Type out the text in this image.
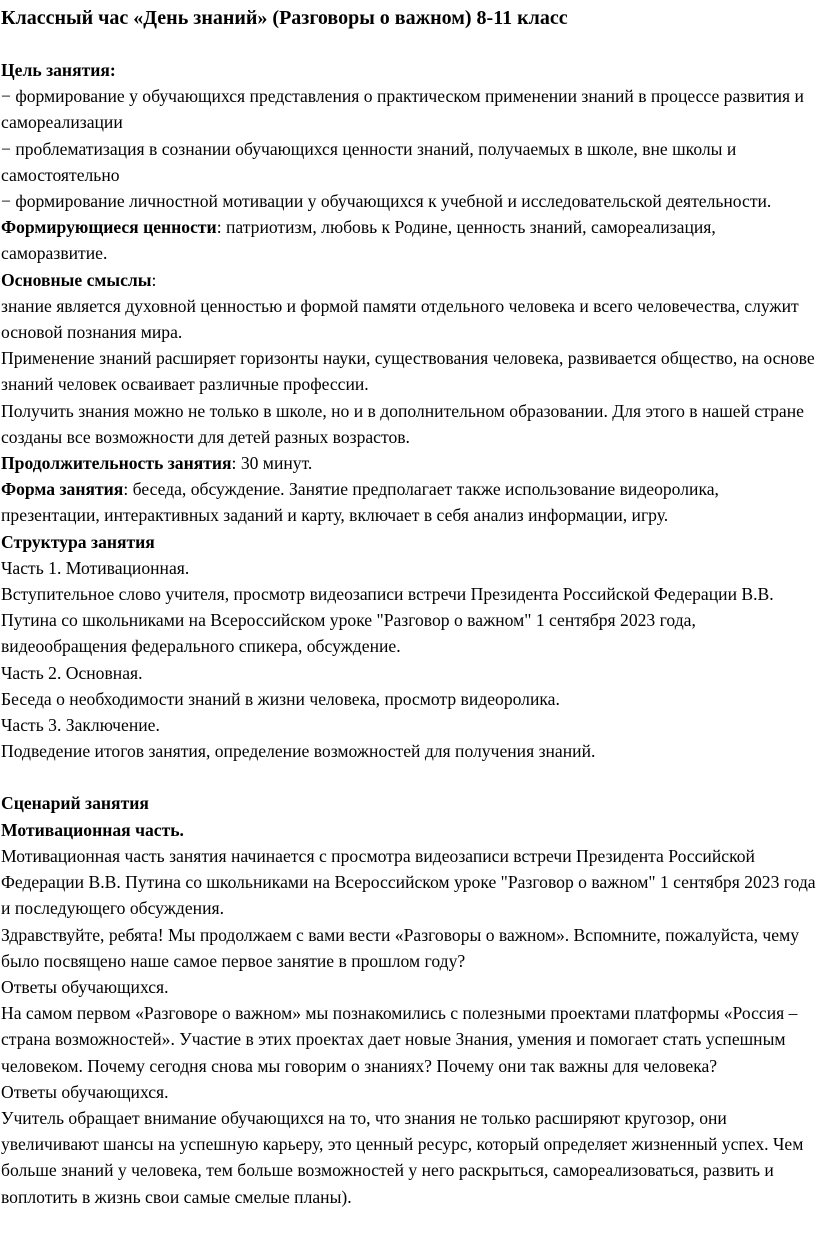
Классный час «День знаний» (Разговоры о важном) 8-11 класс

Цель занятия:

− формирование у обучающихся представления о практическом применении знаний в процессе развития и самореализации

− проблематизация в сознании обучающихся ценности знаний, получаемых в школе, вне школы и самостоятельно

− формирование личностной мотивации у обучающихся к учебной и исследовательской деятельности.

Формирующиеся ценности: патриотизм, любовь к Родине, ценность знаний, самореализация, саморазвитие.

Основные смыслы:

знание является духовной ценностью и формой памяти отдельного человека и всего человечества, служит основой познания мира.

Применение знаний расширяет горизонты науки, существования человека, развивается общество, на основе знаний человек осваивает различные профессии.

Получить знания можно не только в школе, но и в дополнительном образовании. Для этого в нашей стране созданы все возможности для детей разных возрастов.

Продолжительность занятия: 30 минут.

Форма занятия: беседа, обсуждение. Занятие предполагает также использование видеоролика, презентации, интерактивных заданий и карту, включает в себя анализ информации, игру.

Структура занятия

Часть 1. Мотивационная.

Вступительное слово учителя, просмотр видеозаписи встречи Президента Российской Федерации В.В. Путина со школьниками на Всероссийском уроке "Разговор о важном" 1 сентября 2023 года, видеообращения федерального спикера, обсуждение.

Часть 2. Основная.

Беседа о необходимости знаний в жизни человека, просмотр видеоролика.

Часть 3. Заключение.

Подведение итогов занятия, определение возможностей для получения знаний.

Сценарий занятия

Мотивационная часть.

Мотивационная часть занятия начинается с просмотра видеозаписи встречи Президента Российской Федерации В.В. Путина со школьниками на Всероссийском уроке "Разговор о важном" 1 сентября 2023 года и последующего обсуждения.

Здравствуйте, ребята! Мы продолжаем с вами вести «Разговоры о важном». Вспомните, пожалуйста, чему было посвящено наше самое первое занятие в прошлом году?

Ответы обучающихся.

На самом первом «Разговоре о важном» мы познакомились с полезными проектами платформы «Россия – страна возможностей». Участие в этих проектах дает новые Знания, умения и помогает стать успешным человеком. Почему сегодня снова мы говорим о знаниях? Почему они так важны для человека?

Ответы обучающихся.

Учитель обращает внимание обучающихся на то, что знания не только расширяют кругозор, они увеличивают шансы на успешную карьеру, это ценный ресурс, который определяет жизненный успех. Чем больше знаний у человека, тем больше возможностей у него раскрыться, самореализоваться, развить и воплотить в жизнь свои самые смелые планы).
